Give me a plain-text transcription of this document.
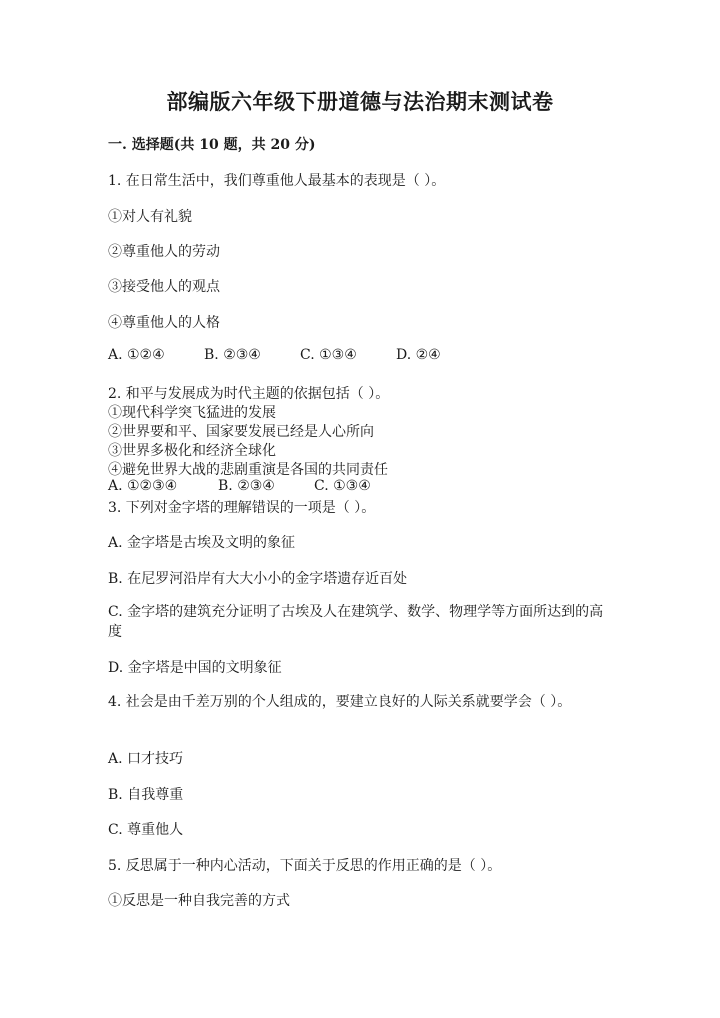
部编版六年级下册道德与法治期末测试卷
一. 选择题(共 10 题，共 20 分)
1. 在日常生活中，我们尊重他人最基本的表现是（ ）。
①对人有礼貌
②尊重他人的劳动
③接受他人的观点
④尊重他人的人格
A. ①②④	B. ②③④	C. ①③④	D. ②④
2. 和平与发展成为时代主题的依据包括（ ）。
①现代科学突飞猛进的发展
②世界要和平、国家要发展已经是人心所向
③世界多极化和经济全球化
④避免世界大战的悲剧重演是各国的共同责任
A. ①②③④	B. ②③④	C. ①③④
3. 下列对金字塔的理解错误的一项是（ ）。
A. 金字塔是古埃及文明的象征
B. 在尼罗河沿岸有大大小小的金字塔遗存近百处
C. 金字塔的建筑充分证明了古埃及人在建筑学、数学、物理学等方面所达到的高度
D. 金字塔是中国的文明象征
4. 社会是由千差万别的个人组成的，要建立良好的人际关系就要学会（ ）。
A. 口才技巧
B. 自我尊重
C. 尊重他人
5. 反思属于一种内心活动，下面关于反思的作用正确的是（ ）。
①反思是一种自我完善的方式
